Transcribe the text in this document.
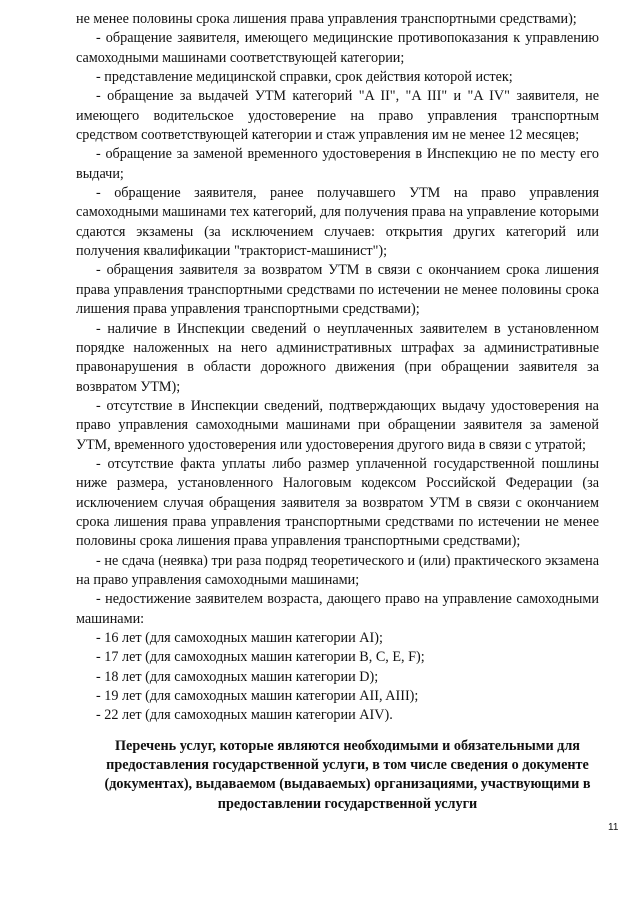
не менее половины срока лишения права управления транспортными средствами);

- обращение заявителя, имеющего медицинские противопоказания к управлению самоходными машинами соответствующей категории;

- представление медицинской справки, срок действия которой истек;

- обращение за выдачей УТМ категорий "A II", "A III" и "A IV" заявителя, не имеющего водительское удостоверение на право управления транспортным средством соответствующей категории и стаж управления им не менее 12 месяцев;

- обращение за заменой временного удостоверения в Инспекцию не по месту его выдачи;

- обращение заявителя, ранее получавшего УТМ на право управления самоходными машинами тех категорий, для получения права на управление которыми сдаются экзамены (за исключением случаев: открытия других категорий или получения квалификации "тракторист-машинист");

- обращения заявителя за возвратом УТМ в связи с окончанием срока лишения права управления транспортными средствами по истечении не менее половины срока лишения права управления транспортными средствами);

- наличие в Инспекции сведений о неуплаченных заявителем в установленном порядке наложенных на него административных штрафах за административные правонарушения в области дорожного движения (при обращении заявителя за возвратом УТМ);

- отсутствие в Инспекции сведений, подтверждающих выдачу удостоверения на право управления самоходными машинами при обращении заявителя за заменой УТМ, временного удостоверения или удостоверения другого вида в связи с утратой;

- отсутствие факта уплаты либо размер уплаченной государственной пошлины ниже размера, установленного Налоговым кодексом Российской Федерации (за исключением случая обращения заявителя за возвратом УТМ в связи с окончанием срока лишения права управления транспортными средствами по истечении не менее половины срока лишения права управления транспортными средствами);

- не сдача (неявка) три раза подряд теоретического и (или) практического экзамена на право управления самоходными машинами;

- недостижение заявителем возраста, дающего право на управление самоходными машинами:

- 16 лет (для самоходных машин категории AI);

- 17 лет (для самоходных машин категории B, C, E, F);

- 18 лет (для самоходных машин категории D);

- 19 лет (для самоходных машин категории AII, AIII);

- 22 лет (для самоходных машин категории AIV).

Перечень услуг, которые являются необходимыми и обязательными для предоставления государственной услуги, в том числе сведения о документе (документах), выдаваемом (выдаваемых) организациями, участвующими в предоставлении государственной услуги

11
